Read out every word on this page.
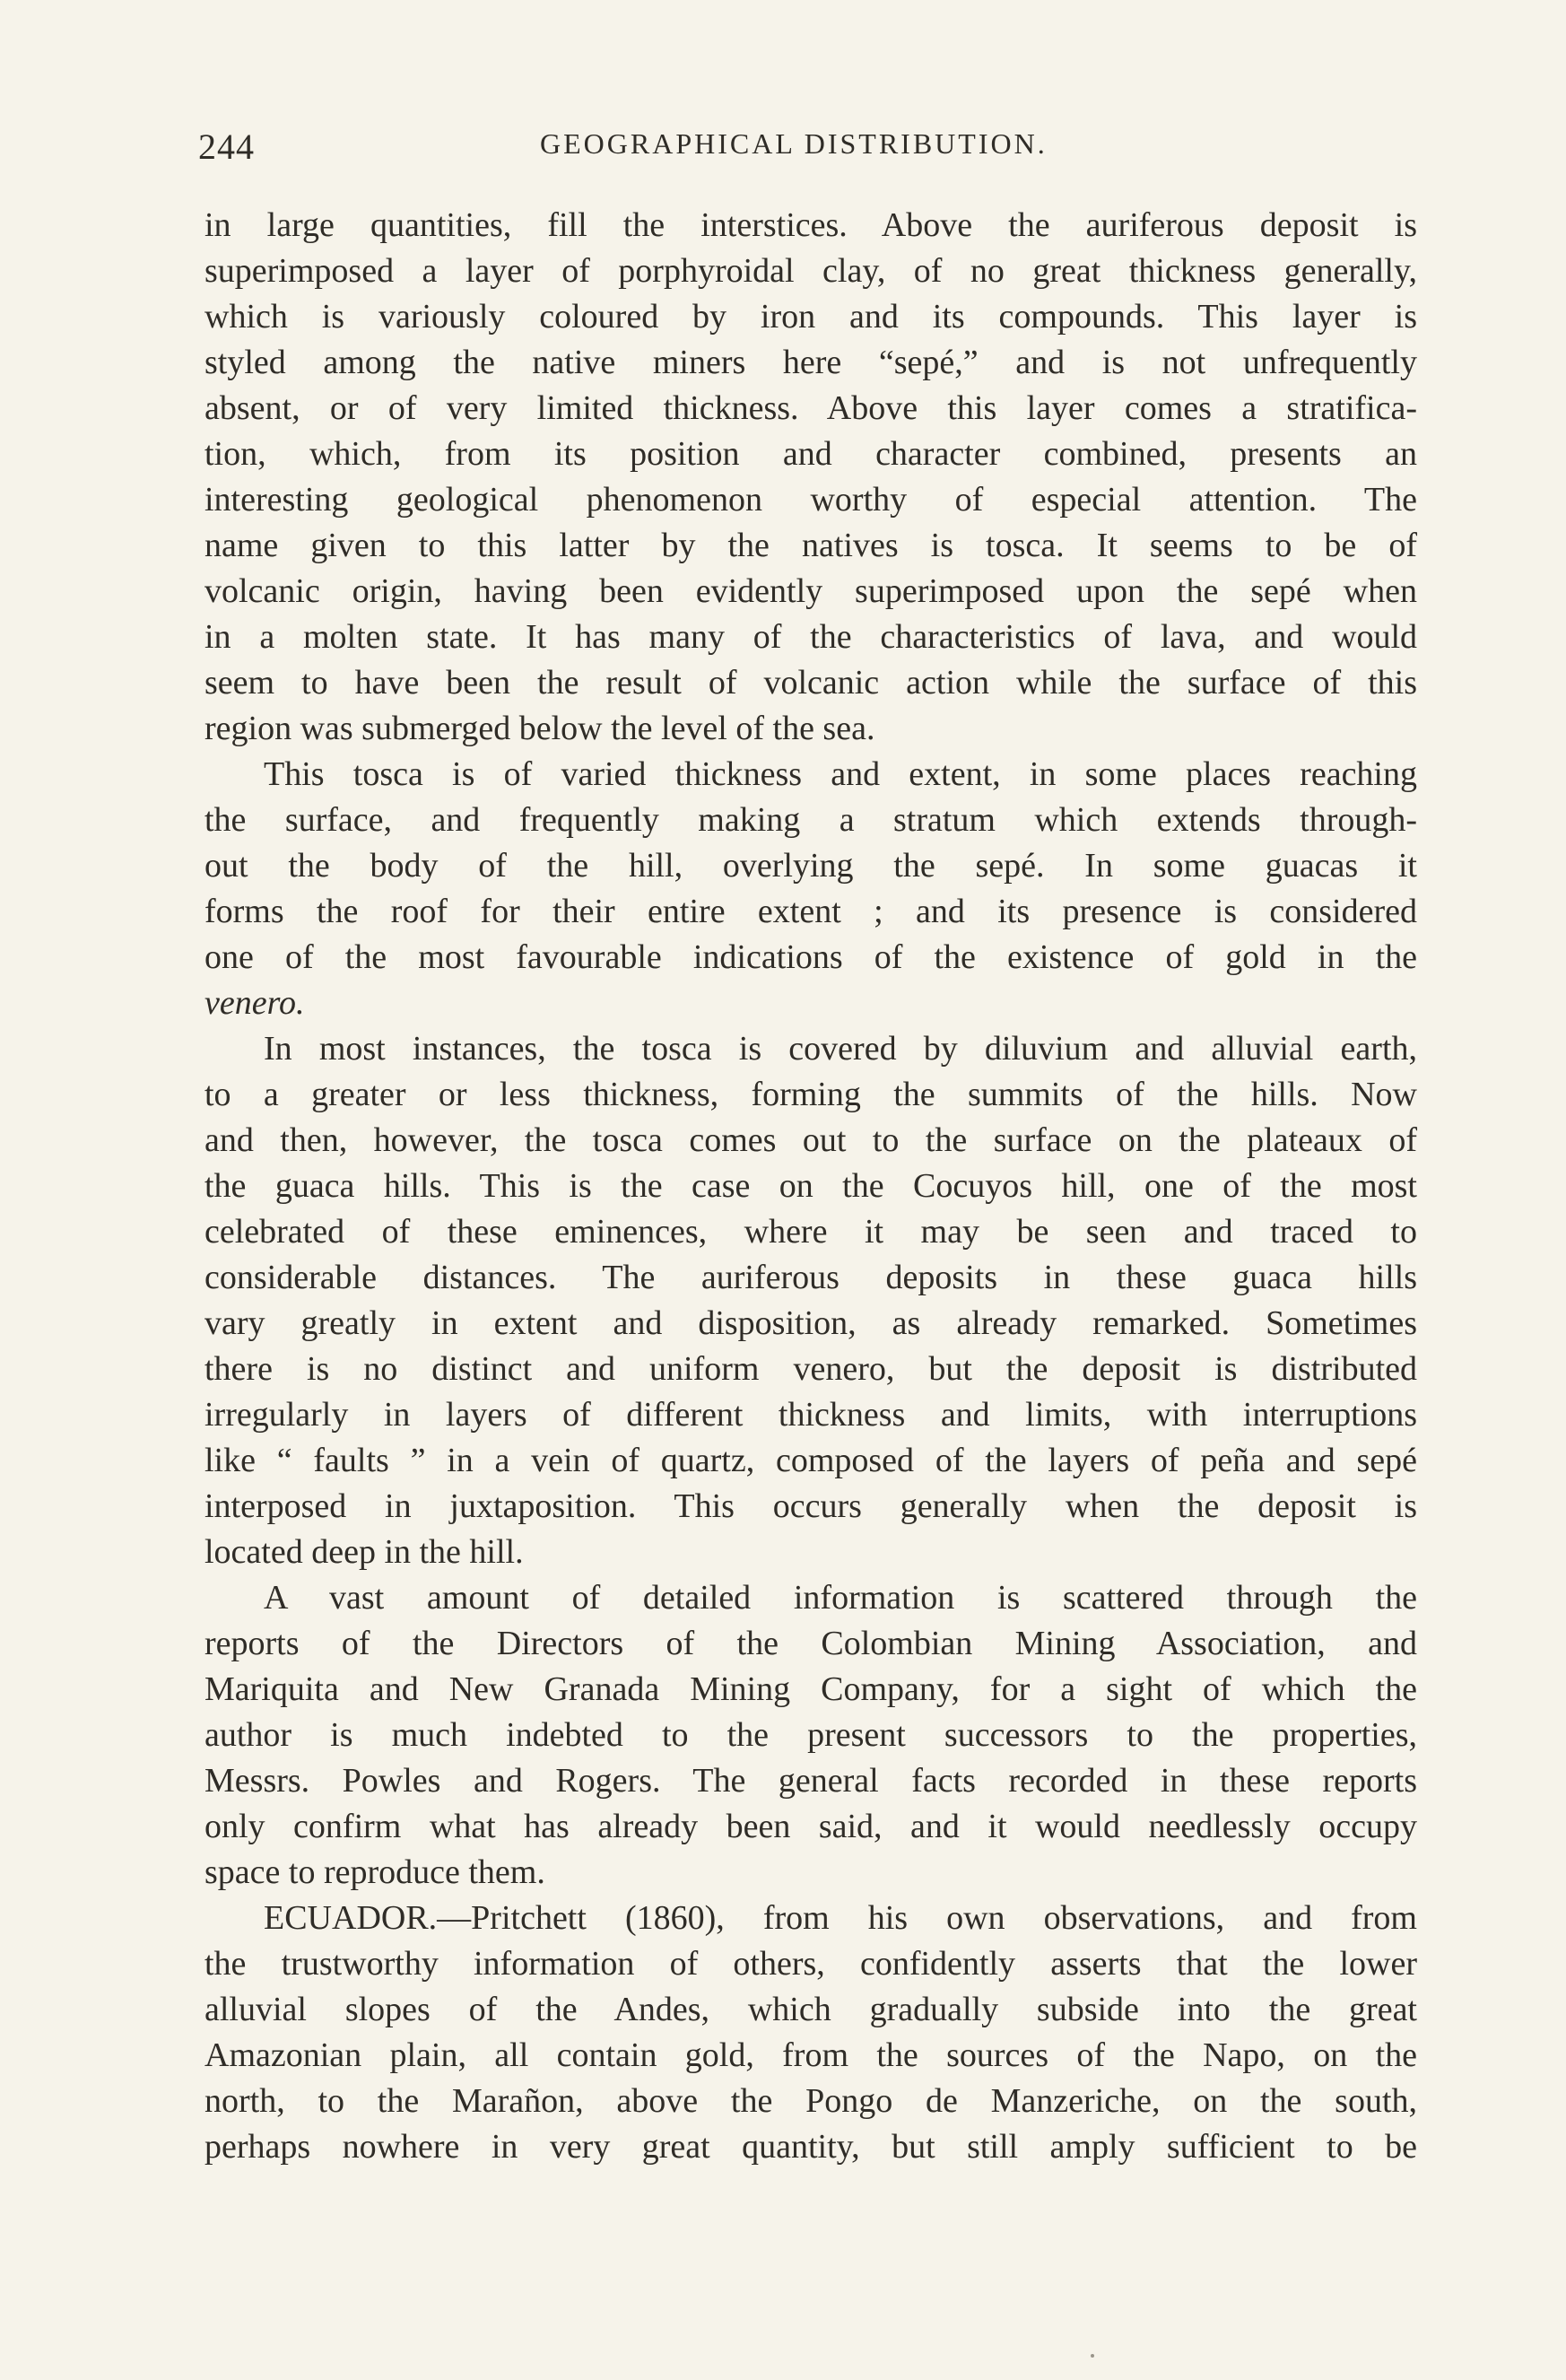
244	GEOGRAPHICAL DISTRIBUTION.
in large quantities, fill the interstices. Above the auriferous deposit is
superimposed a layer of porphyroidal clay, of no great thickness generally,
which is variously coloured by iron and its compounds. This layer is
styled among the native miners here “sepé,” and is not unfrequently
absent, or of very limited thickness. Above this layer comes a stratifica-
tion, which, from its position and character combined, presents an
interesting geological phenomenon worthy of especial attention. The
name given to this latter by the natives is tosca. It seems to be of
volcanic origin, having been evidently superimposed upon the sepé when
in a molten state. It has many of the characteristics of lava, and would
seem to have been the result of volcanic action while the surface of this
region was submerged below the level of the sea.
This tosca is of varied thickness and extent, in some places reaching
the surface, and frequently making a stratum which extends through-
out the body of the hill, overlying the sepé. In some guacas it
forms the roof for their entire extent ; and its presence is considered
one of the most favourable indications of the existence of gold in the
venero.
In most instances, the tosca is covered by diluvium and alluvial earth,
to a greater or less thickness, forming the summits of the hills. Now
and then, however, the tosca comes out to the surface on the plateaux of
the guaca hills. This is the case on the Cocuyos hill, one of the most
celebrated of these eminences, where it may be seen and traced to
considerable distances. The auriferous deposits in these guaca hills
vary greatly in extent and disposition, as already remarked. Sometimes
there is no distinct and uniform venero, but the deposit is distributed
irregularly in layers of different thickness and limits, with interruptions
like “ faults ” in a vein of quartz, composed of the layers of peña and sepé
interposed in juxtaposition. This occurs generally when the deposit is
located deep in the hill.
A vast amount of detailed information is scattered through the
reports of the Directors of the Colombian Mining Association, and
Mariquita and New Granada Mining Company, for a sight of which the
author is much indebted to the present successors to the properties,
Messrs. Powles and Rogers. The general facts recorded in these reports
only confirm what has already been said, and it would needlessly occupy
space to reproduce them.
ECUADOR.—Pritchett (1860), from his own observations, and from
the trustworthy information of others, confidently asserts that the lower
alluvial slopes of the Andes, which gradually subside into the great
Amazonian plain, all contain gold, from the sources of the Napo, on the
north, to the Marañon, above the Pongo de Manzeriche, on the south,
perhaps nowhere in very great quantity, but still amply sufficient to be
